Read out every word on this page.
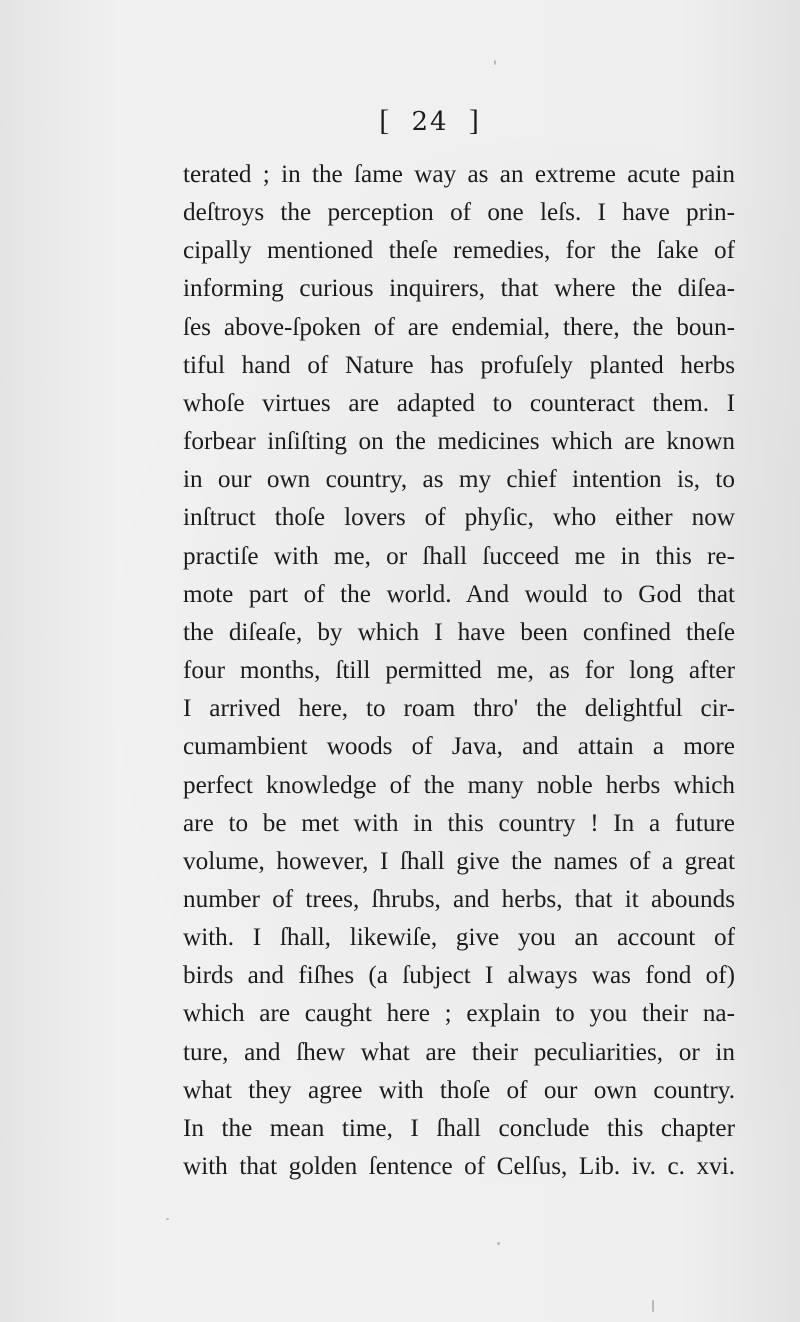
[ 24 ]
terated ; in the ſame way as an extreme acute pain
deſtroys the perception of one leſs. I have prin-
cipally mentioned theſe remedies, for the ſake of
informing curious inquirers, that where the diſea-
ſes above-ſpoken of are endemial, there, the boun-
tiful hand of Nature has profuſely planted herbs
whoſe virtues are adapted to counteract them. I
forbear inſiſting on the medicines which are known
in our own country, as my chief intention is, to
inſtruct thoſe lovers of phyſic, who either now
practiſe with me, or ſhall ſucceed me in this re-
mote part of the world. And would to God that
the diſeaſe, by which I have been confined theſe
four months, ſtill permitted me, as for long after
I arrived here, to roam thro' the delightful cir-
cumambient woods of Java, and attain a more
perfect knowledge of the many noble herbs which
are to be met with in this country ! In a future
volume, however, I ſhall give the names of a great
number of trees, ſhrubs, and herbs, that it abounds
with. I ſhall, likewiſe, give you an account of
birds and fiſhes (a ſubject I always was fond of)
which are caught here ; explain to you their na-
ture, and ſhew what are their peculiarities, or in
what they agree with thoſe of our own country.
In the mean time, I ſhall conclude this chapter
with that golden ſentence of Celſus, Lib. iv. c. xvi.
